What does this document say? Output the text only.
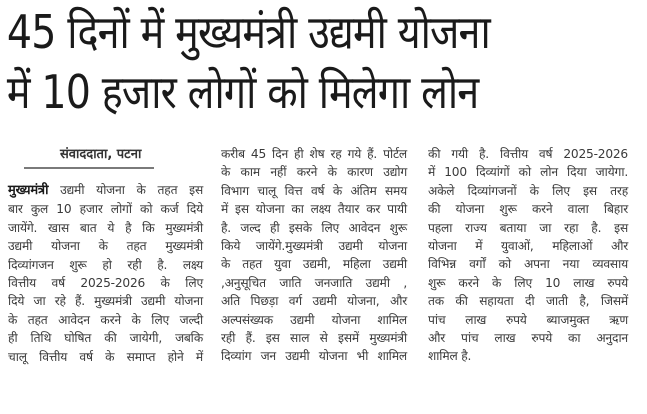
45 दिनों में मुख्यमंत्री उद्यमी योजना
में 10 हजार लोगों को मिलेगा लोन
संवाददाता, पटना
मुख्यमंत्री उद्यमी योजना के तहत इस
बार कुल 10 हजार लोगों को कर्ज दिये
जायेंगे. खास बात ये है कि मुख्यमंत्री
उद्यमी योजना के तहत मुख्यमंत्री
दिव्यांगजन शुरू हो रही है. लक्ष्य
वित्तीय वर्ष 2025-2026 के लिए
दिये जा रहे हैं. मुख्यमंत्री उद्यमी योजना
के तहत आवेदन करने के लिए जल्दी
ही तिथि घोषित की जायेगी, जबकि
चालू वित्तीय वर्ष के समाप्त होने में
करीब 45 दिन ही शेष रह गये हैं. पोर्टल
के काम नहीं करने के कारण उद्योग
विभाग चालू वित्त वर्ष के अंतिम समय
में इस योजना का लक्ष्य तैयार कर पायी
है. जल्द ही इसके लिए आवेदन शुरू
किये जायेंगे.मुख्यमंत्री उद्यमी योजना
के तहत युवा उद्यमी, महिला उद्यमी
,अनुसूचित जाति जनजाति उद्यमी ,
अति पिछड़ा वर्ग उद्यमी योजना, और
अल्पसंख्यक उद्यमी योजना शामिल
रही हैं. इस साल से इसमें मुख्यमंत्री
दिव्यांग जन उद्यमी योजना भी शामिल
की गयी है. वित्तीय वर्ष 2025-2026
में 100 दिव्यांगों को लोन दिया जायेगा.
अकेले दिव्यांगजनों के लिए इस तरह
की योजना शुरू करने वाला बिहार
पहला राज्य बताया जा रहा है. इस
योजना में युवाओं, महिलाओं और
विभिन्न वर्गों को अपना नया व्यवसाय
शुरू करने के लिए 10 लाख रुपये
तक की सहायता दी जाती है, जिसमें
पांच लाख रुपये ब्याजमुक्त ऋण
और पांच लाख रुपये का अनुदान
शामिल है.
